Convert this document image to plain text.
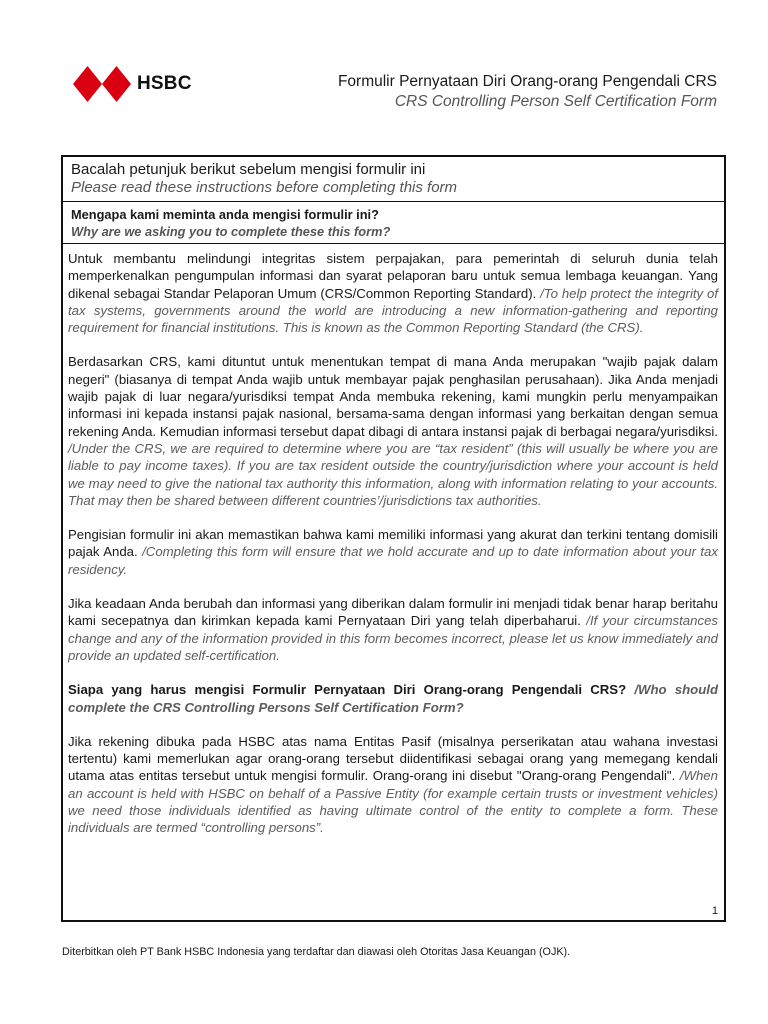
HSBC	Formulir Pernyataan Diri Orang-orang Pengendali CRS
CRS Controlling Person Self Certification Form
Bacalah petunjuk berikut sebelum mengisi formulir ini
Please read these instructions before completing this form
Mengapa kami meminta anda mengisi formulir ini?
Why are we asking you to complete these this form?

Untuk membantu melindungi integritas sistem perpajakan, para pemerintah di seluruh dunia telah memperkenalkan pengumpulan informasi dan syarat pelaporan baru untuk semua lembaga keuangan. Yang dikenal sebagai Standar Pelaporan Umum (CRS/Common Reporting Standard). /To help protect the integrity of tax systems, governments around the world are introducing a new information-gathering and reporting requirement for financial institutions. This is known as the Common Reporting Standard (the CRS).

Berdasarkan CRS, kami dituntut untuk menentukan tempat di mana Anda merupakan "wajib pajak dalam negeri" (biasanya di tempat Anda wajib untuk membayar pajak penghasilan perusahaan). Jika Anda menjadi wajib pajak di luar negara/yurisdiksi tempat Anda membuka rekening, kami mungkin perlu menyampaikan informasi ini kepada instansi pajak nasional, bersama-sama dengan informasi yang berkaitan dengan semua rekening Anda. Kemudian informasi tersebut dapat dibagi di antara instansi pajak di berbagai negara/yurisdiksi. /Under the CRS, we are required to determine where you are “tax resident” (this will usually be where you are liable to pay income taxes). If you are tax resident outside the country/jurisdiction where your account is held we may need to give the national tax authority this information, along with information relating to your accounts. That may then be shared between different countries’/jurisdictions tax authorities.

Pengisian formulir ini akan memastikan bahwa kami memiliki informasi yang akurat dan terkini tentang domisili pajak Anda. /Completing this form will ensure that we hold accurate and up to date information about your tax residency.

Jika keadaan Anda berubah dan informasi yang diberikan dalam formulir ini menjadi tidak benar harap beritahu kami secepatnya dan kirimkan kepada kami Pernyataan Diri yang telah diperbaharui. /If your circumstances change and any of the information provided in this form becomes incorrect, please let us know immediately and provide an updated self-certification.

Siapa yang harus mengisi Formulir Pernyataan Diri Orang-orang Pengendali CRS? /Who should complete the CRS Controlling Persons Self Certification Form?

Jika rekening dibuka pada HSBC atas nama Entitas Pasif (misalnya perserikatan atau wahana investasi tertentu) kami memerlukan agar orang-orang tersebut diidentifikasi sebagai orang yang memegang kendali utama atas entitas tersebut untuk mengisi formulir. Orang-orang ini disebut "Orang-orang Pengendali". /When an account is held with HSBC on behalf of a Passive Entity (for example certain trusts or investment vehicles) we need those individuals identified as having ultimate control of the entity to complete a form. These individuals are termed “controlling persons”.

1
Diterbitkan oleh PT Bank HSBC Indonesia yang terdaftar dan diawasi oleh Otoritas Jasa Keuangan (OJK).
